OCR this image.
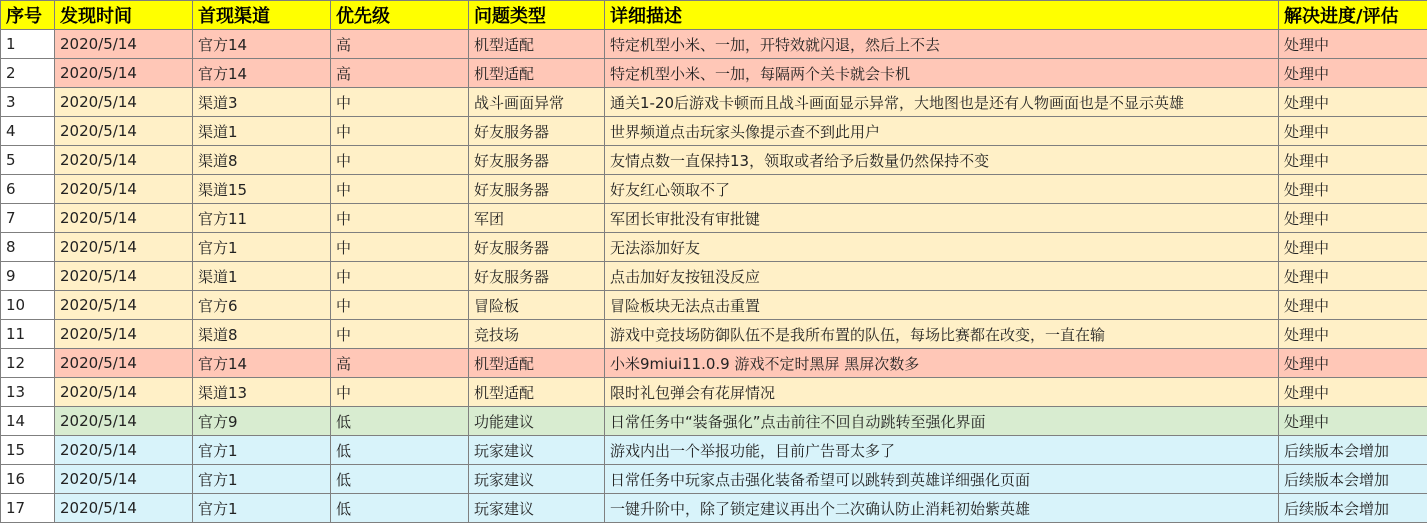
序号	发现时间	首现渠道	优先级	问题类型	详细描述	解决进度/评估
1	2020/5/14	官方14	高	机型适配	特定机型小米、一加，开特效就闪退，然后上不去	处理中
2	2020/5/14	官方14	高	机型适配	特定机型小米、一加，每隔两个关卡就会卡机	处理中
3	2020/5/14	渠道3	中	战斗画面异常	通关1-20后游戏卡顿而且战斗画面显示异常，大地图也是还有人物画面也是不显示英雄	处理中
4	2020/5/14	渠道1	中	好友服务器	世界频道点击玩家头像提示查不到此用户	处理中
5	2020/5/14	渠道8	中	好友服务器	友情点数一直保持13，领取或者给予后数量仍然保持不变	处理中
6	2020/5/14	渠道15	中	好友服务器	好友红心领取不了	处理中
7	2020/5/14	官方11	中	军团	军团长审批没有审批键	处理中
8	2020/5/14	官方1	中	好友服务器	无法添加好友	处理中
9	2020/5/14	渠道1	中	好友服务器	点击加好友按钮没反应	处理中
10	2020/5/14	官方6	中	冒险板	冒险板块无法点击重置	处理中
11	2020/5/14	渠道8	中	竞技场	游戏中竞技场防御队伍不是我所布置的队伍，每场比赛都在改变，一直在输	处理中
12	2020/5/14	官方14	高	机型适配	小米9miui11.0.9 游戏不定时黑屏 黑屏次数多	处理中
13	2020/5/14	渠道13	中	机型适配	限时礼包弹会有花屏情况	处理中
14	2020/5/14	官方9	低	功能建议	日常任务中“装备强化”点击前往不回自动跳转至强化界面	处理中
15	2020/5/14	官方1	低	玩家建议	游戏内出一个举报功能，目前广告哥太多了	后续版本会增加
16	2020/5/14	官方1	低	玩家建议	日常任务中玩家点击强化装备希望可以跳转到英雄详细强化页面	后续版本会增加
17	2020/5/14	官方1	低	玩家建议	一键升阶中，除了锁定建议再出个二次确认防止消耗初始紫英雄	后续版本会增加
